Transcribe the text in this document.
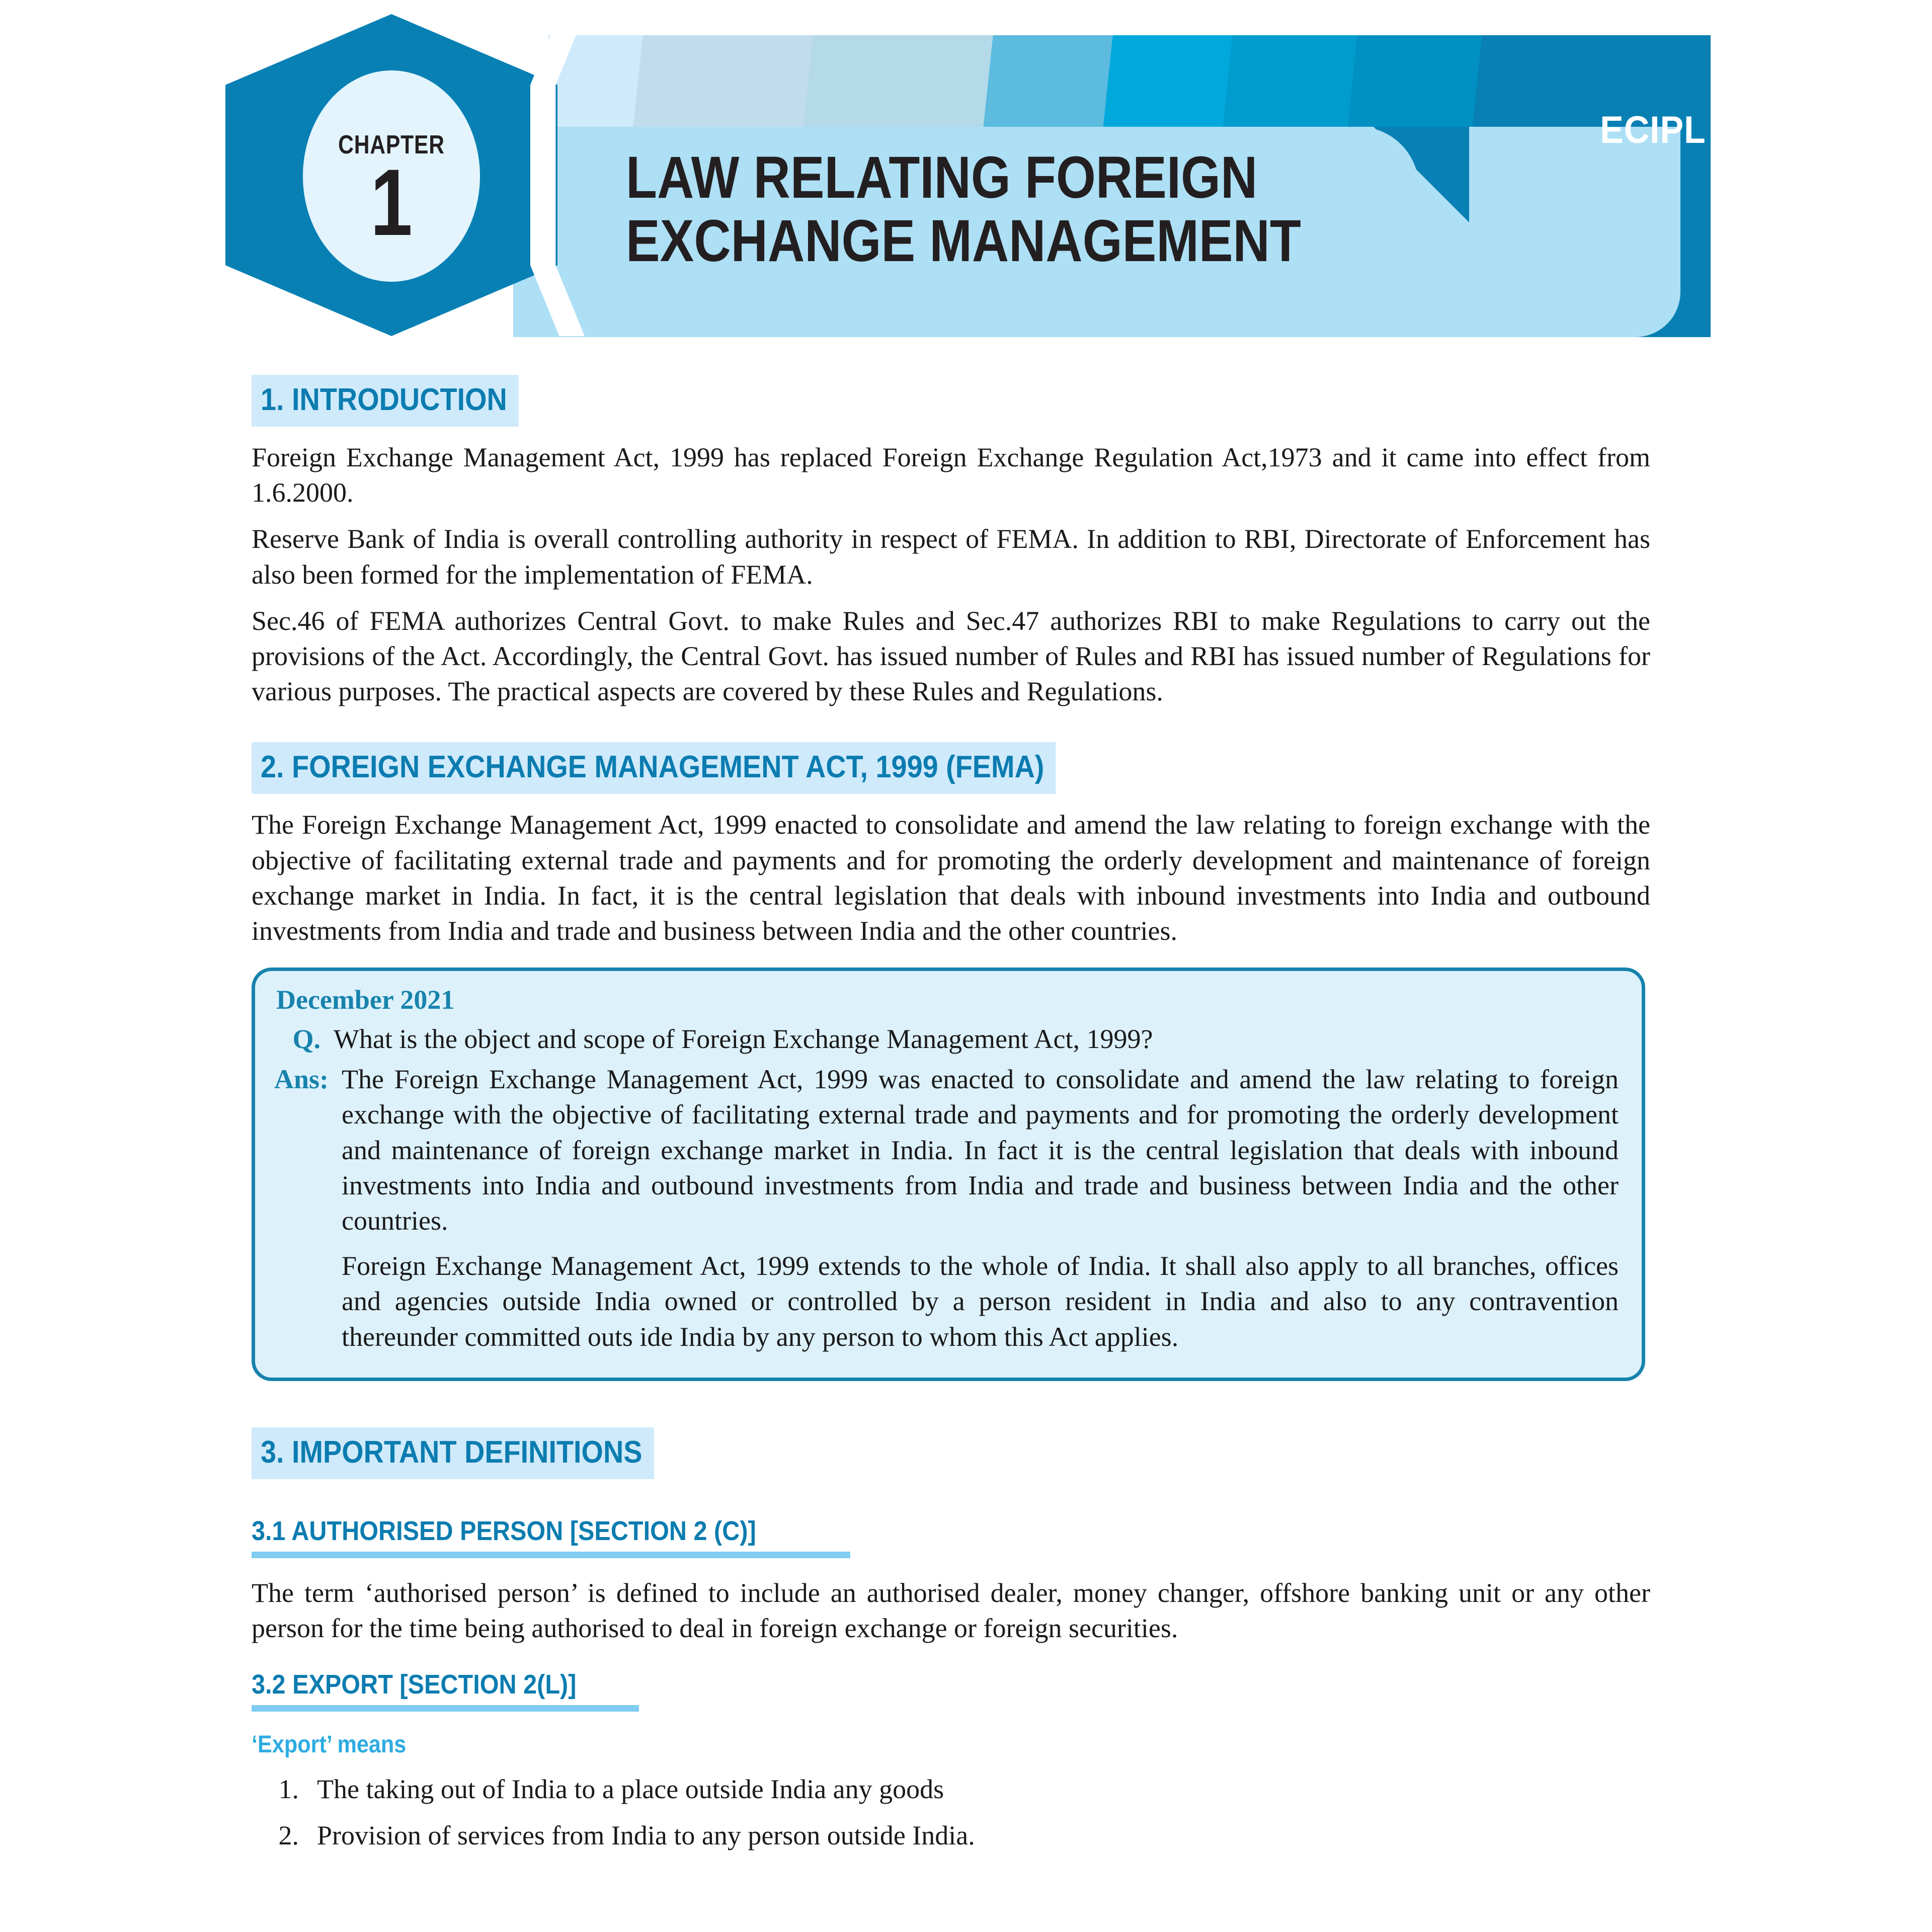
CHAPTER
1	LAW RELATING FOREIGN
EXCHANGE MANAGEMENT
ECIPL
1. INTRODUCTION

Foreign Exchange Management Act, 1999 has replaced Foreign Exchange Regulation Act,1973 and it came into effect from 1.6.2000.

Reserve Bank of India is overall controlling authority in respect of FEMA. In addition to RBI, Directorate of Enforcement has also been formed for the implementation of FEMA.

Sec.46 of FEMA authorizes Central Govt. to make Rules and Sec.47 authorizes RBI to make Regulations to carry out the provisions of the Act. Accordingly, the Central Govt. has issued number of Rules and RBI has issued number of Regulations for various purposes. The practical aspects are covered by these Rules and Regulations.

2. FOREIGN EXCHANGE MANAGEMENT ACT, 1999 (FEMA)

The Foreign Exchange Management Act, 1999 enacted to consolidate and amend the law relating to foreign exchange with the objective of facilitating external trade and payments and for promoting the orderly development and maintenance of foreign exchange market in India. In fact, it is the central legislation that deals with inbound investments into India and outbound investments from India and trade and business between India and the other countries.

December 2021
Q. What is the object and scope of Foreign Exchange Management Act, 1999?

Ans: The Foreign Exchange Management Act, 1999 was enacted to consolidate and amend the law relating to foreign exchange with the objective of facilitating external trade and payments and for promoting the orderly development and maintenance of foreign exchange market in India. In fact it is the central legislation that deals with inbound investments into India and outbound investments from India and trade and business between India and the other countries.

Foreign Exchange Management Act, 1999 extends to the whole of India. It shall also apply to all branches, offices and agencies outside India owned or controlled by a person resident in India and also to any contravention thereunder committed outs ide India by any person to whom this Act applies.

3. IMPORTANT DEFINITIONS
3.1 AUTHORISED PERSON [SECTION 2 (C)]

The term ‘authorised person’ is defined to include an authorised dealer, money changer, offshore banking unit or any other person for the time being authorised to deal in foreign exchange or foreign securities.

3.2 EXPORT [SECTION 2(L)]
‘Export’ means
1. The taking out of India to a place outside India any goods
2. Provision of services from India to any person outside India.
